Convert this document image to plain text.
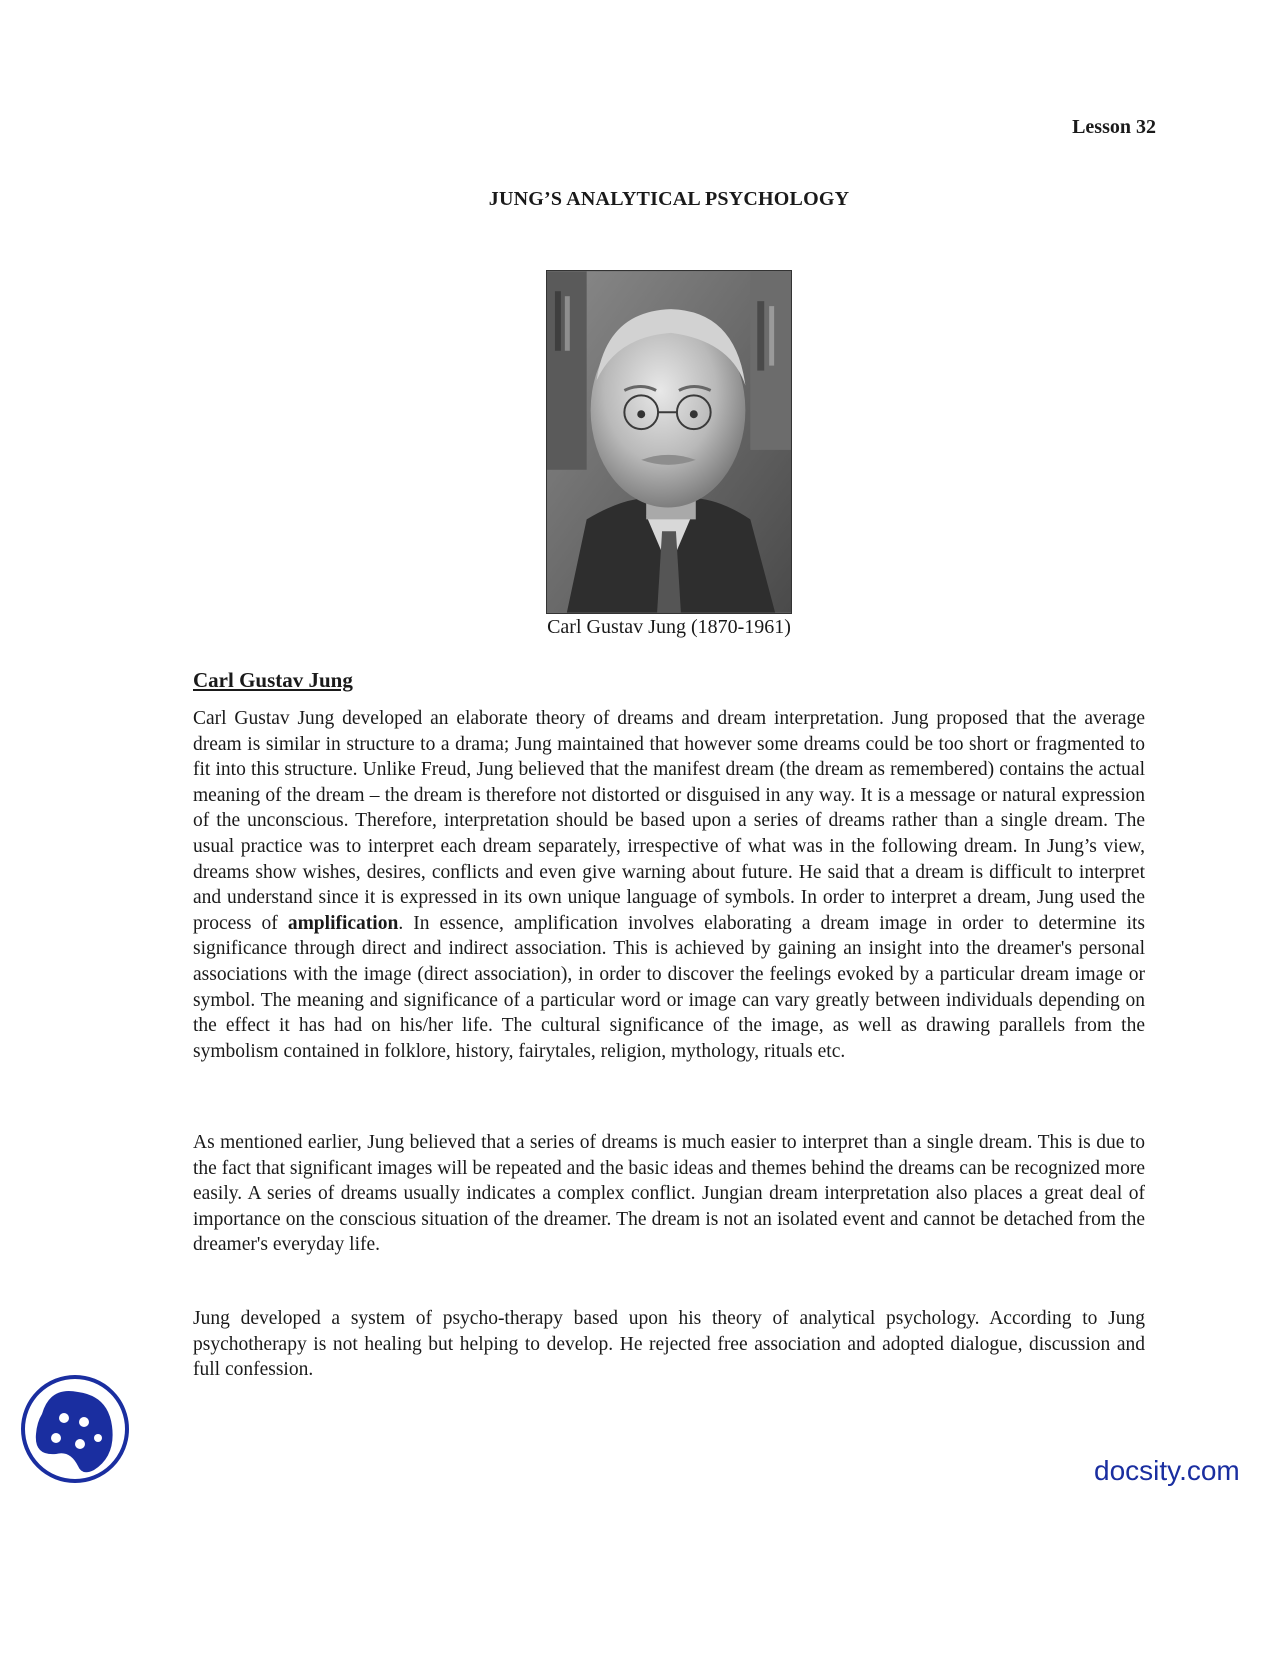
Lesson 32
JUNG’S ANALYTICAL PSYCHOLOGY
Carl Gustav Jung (1870-1961)
Carl Gustav Jung

Carl Gustav Jung developed an elaborate theory of dreams and dream interpretation. Jung proposed that the average dream is similar in structure to a drama; Jung maintained that however some dreams could be too short or fragmented to fit into this structure. Unlike Freud, Jung believed that the manifest dream (the dream as remembered) contains the actual meaning of the dream – the dream is therefore not distorted or disguised in any way. It is a message or natural expression of the unconscious. Therefore, interpretation should be based upon a series of dreams rather than a single dream. The usual practice was to interpret each dream separately, irrespective of what was in the following dream. In Jung’s view, dreams show wishes, desires, conflicts and even give warning about future. He said that a dream is difficult to interpret and understand since it is expressed in its own unique language of symbols. In order to interpret a dream, Jung used the process of amplification. In essence, amplification involves elaborating a dream image in order to determine its significance through direct and indirect association. This is achieved by gaining an insight into the dreamer's personal associations with the image (direct association), in order to discover the feelings evoked by a particular dream image or symbol. The meaning and significance of a particular word or image can vary greatly between individuals depending on the effect it has had on his/her life. The cultural significance of the image, as well as drawing parallels from the symbolism contained in folklore, history, fairytales, religion, mythology, rituals etc.

As mentioned earlier, Jung believed that a series of dreams is much easier to interpret than a single dream. This is due to the fact that significant images will be repeated and the basic ideas and themes behind the dreams can be recognized more easily. A series of dreams usually indicates a complex conflict. Jungian dream interpretation also places a great deal of importance on the conscious situation of the dreamer. The dream is not an isolated event and cannot be detached from the dreamer's everyday life.

Jung developed a system of psycho-therapy based upon his theory of analytical psychology. According to Jung psychotherapy is not healing but helping to develop. He rejected free association and adopted dialogue, discussion and full confession.

docsity.com
